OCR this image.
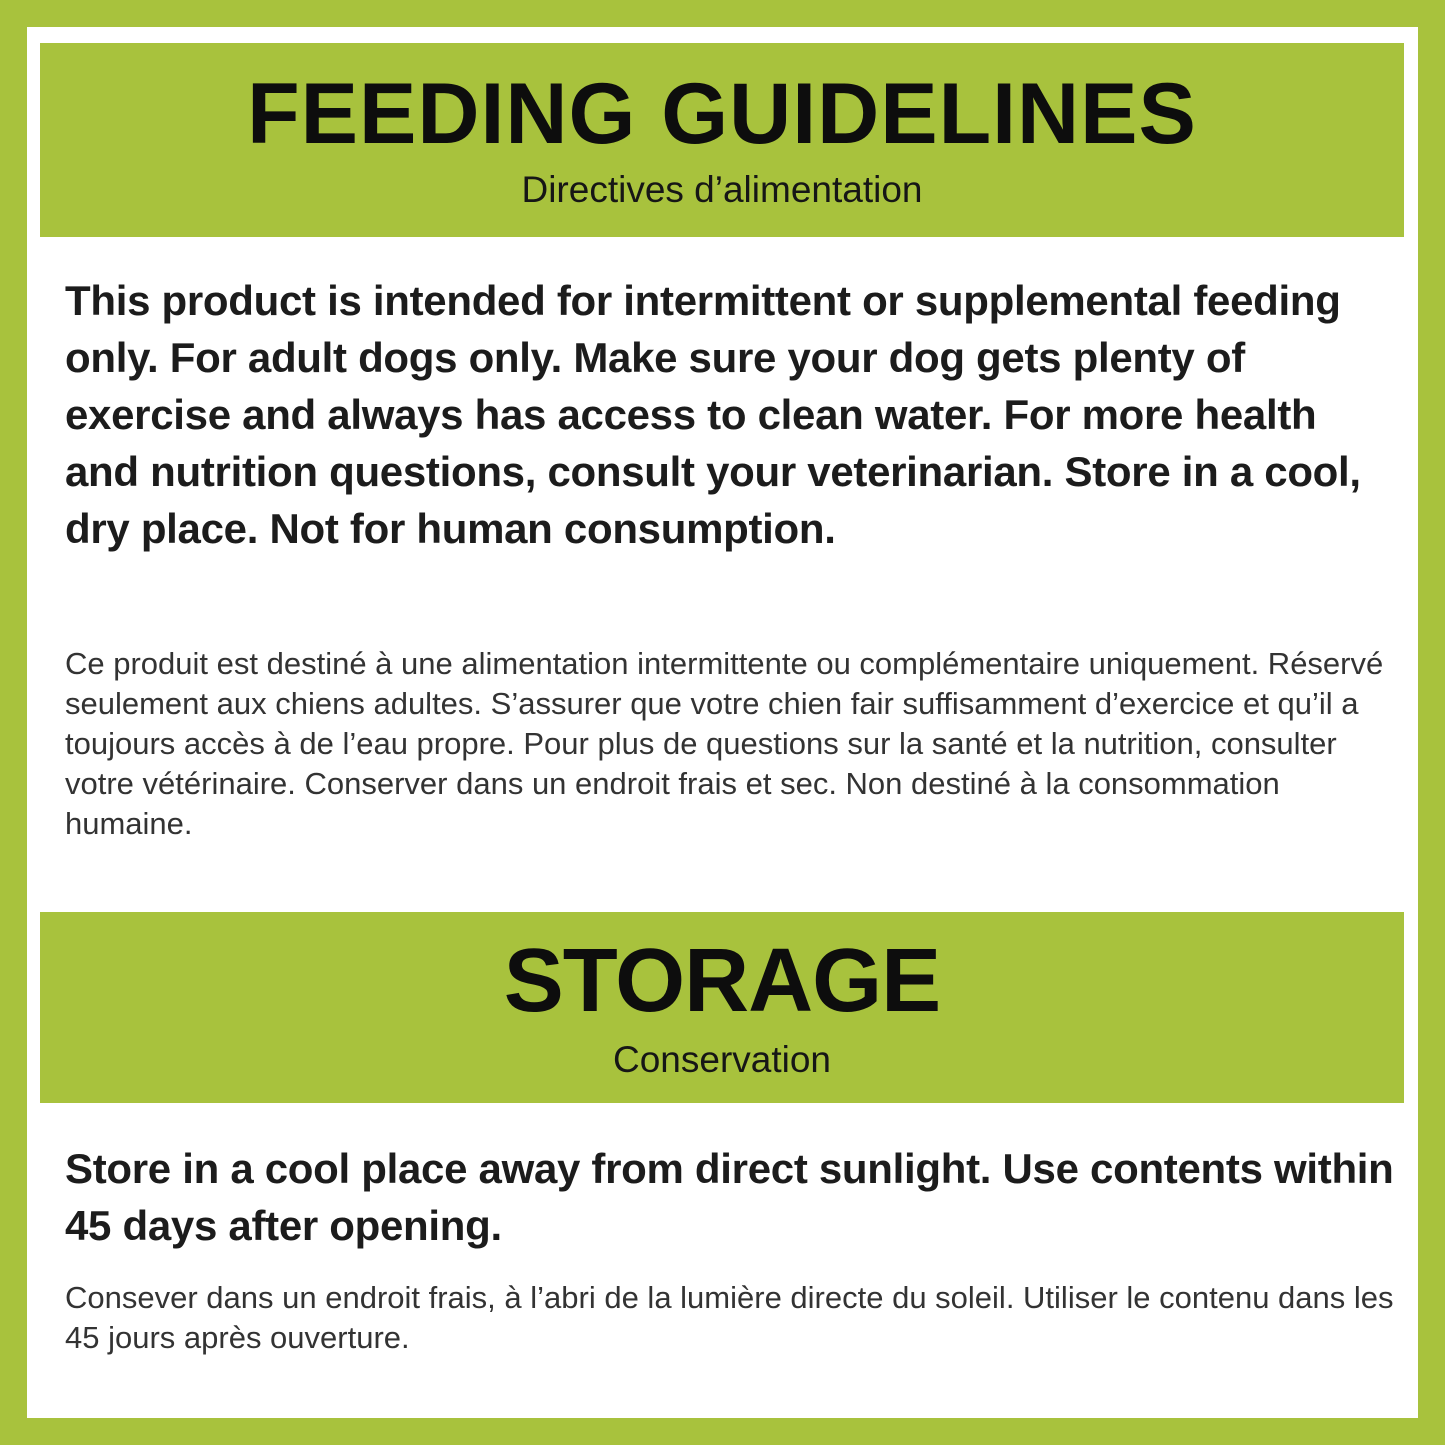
FEEDING GUIDELINES
Directives d’alimentation

This product is intended for intermittent or supplemental feeding only. For adult dogs only. Make sure your dog gets plenty of exercise and always has access to clean water. For more health and nutrition questions, consult your veterinarian. Store in a cool, dry place. Not for human consumption.

Ce produit est destiné à une alimentation intermittente ou complémentaire uniquement. Réservé seulement aux chiens adultes. S’assurer que votre chien fair suffisamment d’exercice et qu’il a toujours accès à de l’eau propre. Pour plus de questions sur la santé et la nutrition, consulter votre vétérinaire. Conserver dans un endroit frais et sec. Non destiné à la consommation humaine.

STORAGE
Conservation

Store in a cool place away from direct sunlight. Use contents within 45 days after opening.

Consever dans un endroit frais, à l’abri de la lumière directe du soleil. Utiliser le contenu dans les 45 jours après ouverture.
